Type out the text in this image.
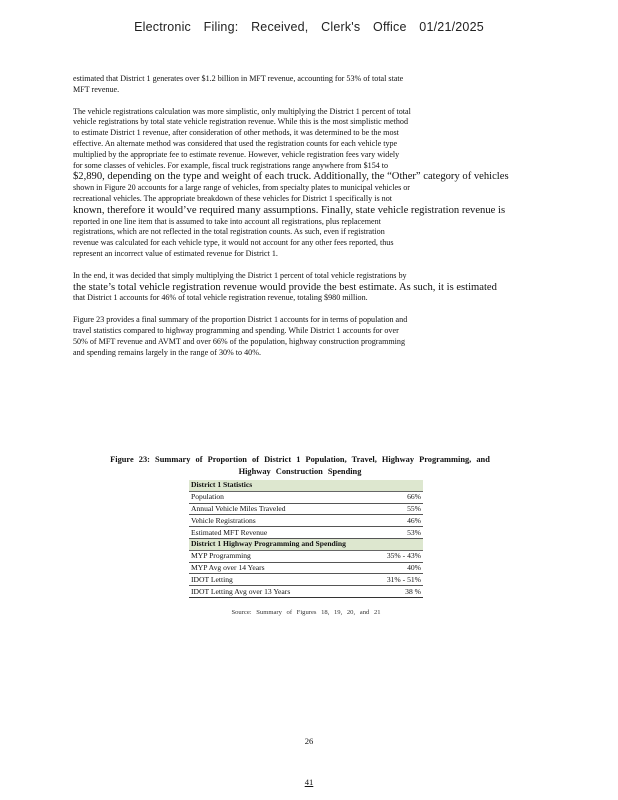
Electronic Filing: Received, Clerk's Office 01/21/2025

estimated that District 1 generates over $1.2 billion in MFT revenue, accounting for 53% of total state
MFT revenue.

The vehicle registrations calculation was more simplistic, only multiplying the District 1 percent of total
vehicle registrations by total state vehicle registration revenue. While this is the most simplistic method
to estimate District 1 revenue, after consideration of other methods, it was determined to be the most
effective. An alternate method was considered that used the registration counts for each vehicle type
multiplied by the appropriate fee to estimate revenue. However, vehicle registration fees vary widely
for some classes of vehicles. For example, fiscal truck registrations range anywhere from $154 to
$2,890, depending on the type and weight of each truck. Additionally, the “Other” category of vehicles
shown in Figure 20 accounts for a large range of vehicles, from specialty plates to municipal vehicles or
recreational vehicles. The appropriate breakdown of these vehicles for District 1 specifically is not
known, therefore it would’ve required many assumptions. Finally, state vehicle registration revenue is
reported in one line item that is assumed to take into account all registrations, plus replacement
registrations, which are not reflected in the total registration counts. As such, even if registration
revenue was calculated for each vehicle type, it would not account for any other fees reported, thus
represent an incorrect value of estimated revenue for District 1.

In the end, it was decided that simply multiplying the District 1 percent of total vehicle registrations by
the state’s total vehicle registration revenue would provide the best estimate. As such, it is estimated
that District 1 accounts for 46% of total vehicle registration revenue, totaling $980 million.

Figure 23 provides a final summary of the proportion District 1 accounts for in terms of population and
travel statistics compared to highway programming and spending. While District 1 accounts for over
50% of MFT revenue and AVMT and over 66% of the population, highway construction programming
and spending remains largely in the range of 30% to 40%.

Figure 23: Summary of Proportion of District 1 Population, Travel, Highway Programming, and
Highway Construction Spending
District 1 Statistics	
Population	66%
Annual Vehicle Miles Traveled	55%
Vehicle Registrations	46%
Estimated MFT Revenue	53%
District 1 Highway Programming and Spending	
MYP Programming	35% - 43%
MYP Avg over 14 Years	40%
IDOT Letting	31% - 51%
IDOT Letting Avg over 13 Years	38 %
Source: Summary of Figures 18, 19, 20, and 21
26
41
